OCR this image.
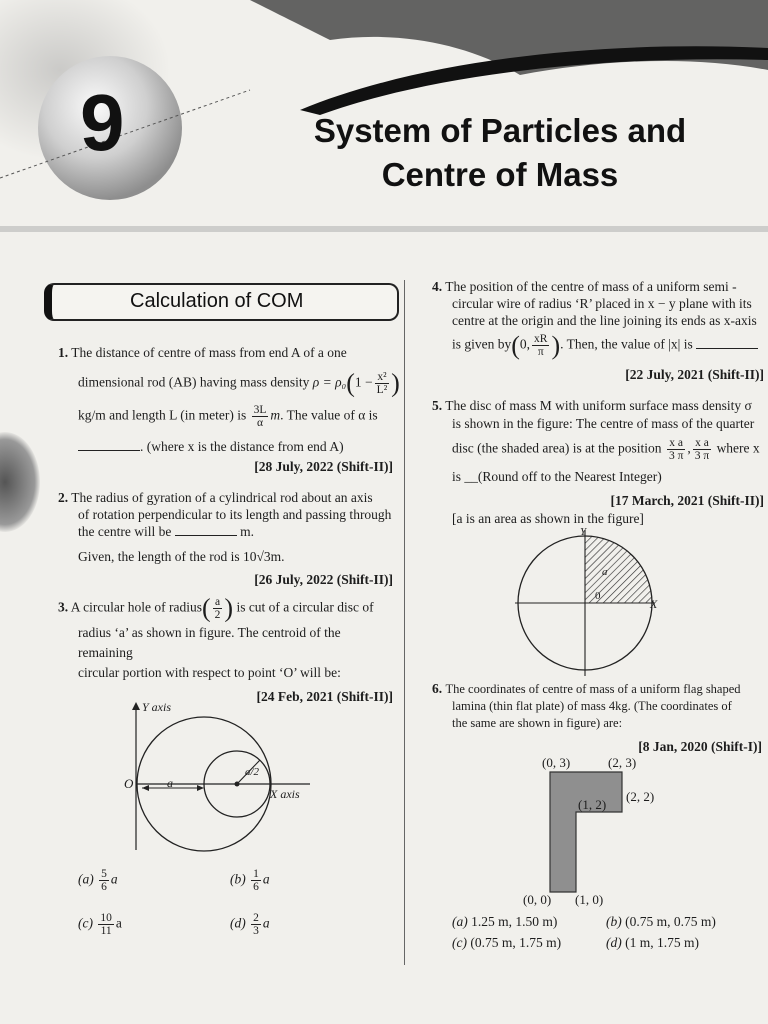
9	System of Particles and
Centre of Mass
Calculation of COM
1. The distance of centre of mass from end A of a one
dimensional rod (AB) having mass density $\rho = \rho_0(1 - \frac{\text{x²}}{\text{L²}}$ )
kg/m and length L (in meter) is $\frac{3L}{\alpha} m$. The value of α is
. (where x is the distance from end A)
[28 July, 2022 (Shift-II)]
2. The radius of gyration of a cylindrical rod about an axis
of rotation perpendicular to its length and passing through
the centre will be	m.
Given, the length of the rod is 10√3m.
[26 July, 2022 (Shift-II)]
3. A circular hole of radius( $\frac{a}{2}$ ) is cut of a circular disc of
radius ‘a’ as shown in figure. The centroid of the remaining
circular portion with respect to point ‘O’ will be:
[24 Feb, 2021 (Shift-II)]
Y axis
O	a
a/2
X axis
$(a) \frac{5}{6}$ a	$(b) \frac{1}{6}$ a
$(c) \frac{10}{11}$ a	$(d) \frac{2}{3}$ a
4. The position of the centre of mass of a uniform semi -
circular wire of radius ‘R’ placed in x − y plane with its
centre at the origin and the line joining its ends as x-axis
is given by(0, $\frac{xR}{\pi}$ ). Then, the value of |x| is
[22 July, 2021 (Shift-II)]
5. The disc of mass M with uniform surface mass density σ
is shown in the figure: The centre of mass of the quarter
disc (the shaded area) is at the position $\frac{\text{x a}}{3 \pi}$ , $\frac{\text{x a}}{3 \pi}$ where x
is __(Round off to the Nearest Integer)
[17 March, 2021 (Shift-II)]
[a is an area as shown in the figure]
Y
X
a
0
6. The coordinates of centre of mass of a uniform flag shaped
lamina (thin flat plate) of mass 4kg. (The coordinates of
the same are shown in figure) are:
[8 Jan, 2020 (Shift-I)]
(0, 3)	(2, 3)
(2, 2)
(1, 2)
(0, 0) (1, 0)
(a) 1.25 m, 1.50 m)	(b) (0.75 m, 0.75 m)
(c) (0.75 m, 1.75 m)	(d) (1 m, 1.75 m)
